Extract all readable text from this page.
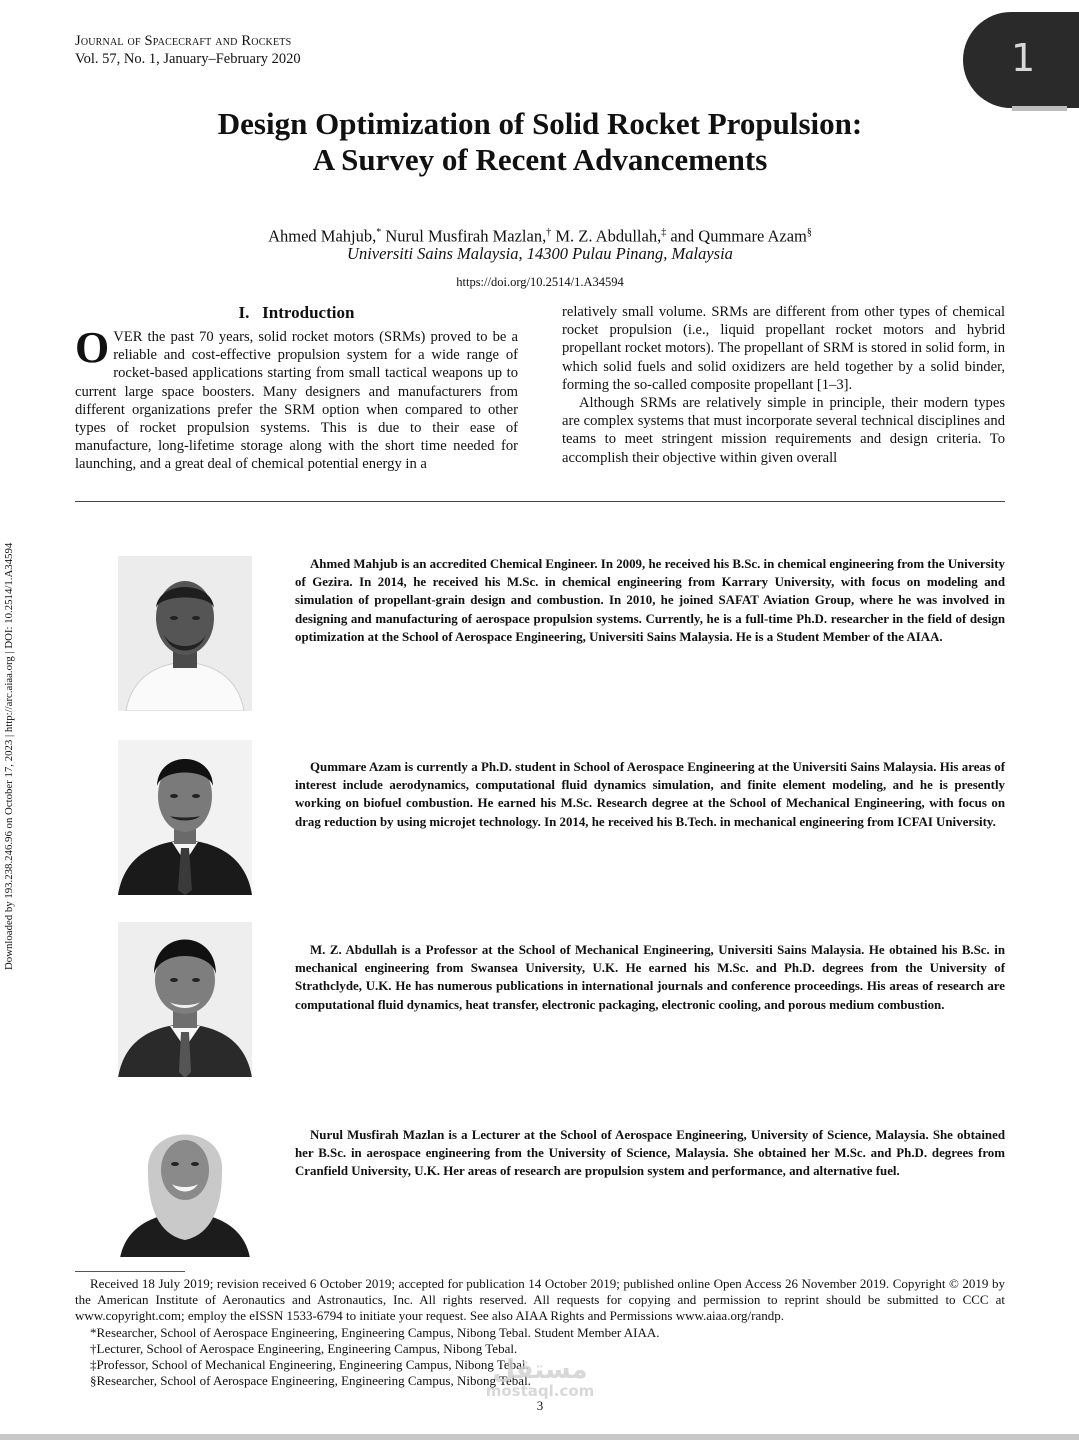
Journal of Spacecraft and Rockets
Vol. 57, No. 1, January–February 2020	1
Design Optimization of Solid Rocket Propulsion:
A Survey of Recent Advancements
Ahmed Mahjub,* Nurul Musfirah Mazlan,† M. Z. Abdullah,‡ and Qummare Azam§
Universiti Sains Malaysia, 14300 Pulau Pinang, Malaysia
https://doi.org/10.2514/1.A34594
I.   Introduction
OVER the past 70 years, solid rocket motors (SRMs) proved to be a reliable and cost-effective propulsion system for a wide range of rocket-based applications starting from small tactical weapons up to current large space boosters. Many designers and manufacturers from different organizations prefer the SRM option when compared to other types of rocket propulsion systems. This is due to their ease of manufacture, long-lifetime storage along with the short time needed for launching, and a great deal of chemical potential energy in a
relatively small volume. SRMs are different from other types of chemical rocket propulsion (i.e., liquid propellant rocket motors and hybrid propellant rocket motors). The propellant of SRM is stored in solid form, in which solid fuels and solid oxidizers are held together by a solid binder, forming the so-called composite propellant [1–3].
Although SRMs are relatively simple in principle, their modern types are complex systems that must incorporate several technical disciplines and teams to meet stringent mission requirements and design criteria. To accomplish their objective within given overall
Downloaded by 193.238.246.96 on October 17, 2023 | http://arc.aiaa.org | DOI: 10.2514/1.A34594	Ahmed Mahjub is an accredited Chemical Engineer. In 2009, he received his B.Sc. in chemical engineering from the University of Gezira. In 2014, he received his M.Sc. in chemical engineering from Karrary University, with focus on modeling and simulation of propellant-grain design and combustion. In 2010, he joined SAFAT Aviation Group, where he was involved in designing and manufacturing of aerospace propulsion systems. Currently, he is a full-time Ph.D. researcher in the field of design optimization at the School of Aerospace Engineering, Universiti Sains Malaysia. He is a Student Member of the AIAA.
Qummare Azam is currently a Ph.D. student in School of Aerospace Engineering at the Universiti Sains Malaysia. His areas of interest include aerodynamics, computational fluid dynamics simulation, and finite element modeling, and he is presently working on biofuel combustion. He earned his M.Sc. Research degree at the School of Mechanical Engineering, with focus on drag reduction by using microjet technology. In 2014, he received his B.Tech. in mechanical engineering from ICFAI University.
M. Z. Abdullah is a Professor at the School of Mechanical Engineering, Universiti Sains Malaysia. He obtained his B.Sc. in mechanical engineering from Swansea University, U.K. He earned his M.Sc. and Ph.D. degrees from the University of Strathclyde, U.K. He has numerous publications in international journals and conference proceedings. His areas of research are computational fluid dynamics, heat transfer, electronic packaging, electronic cooling, and porous medium combustion.
Nurul Musfirah Mazlan is a Lecturer at the School of Aerospace Engineering, University of Science, Malaysia. She obtained her B.Sc. in aerospace engineering from the University of Science, Malaysia. She obtained her M.Sc. and Ph.D. degrees from Cranfield University, U.K. Her areas of research are propulsion system and performance, and alternative fuel.

Received 18 July 2019; revision received 6 October 2019; accepted for publication 14 October 2019; published online Open Access 26 November 2019. Copyright © 2019 by the American Institute of Aeronautics and Astronautics, Inc. All rights reserved. All requests for copying and permission to reprint should be submitted to CCC at www.copyright.com; employ the eISSN 1533-6794 to initiate your request. See also AIAA Rights and Permissions www.aiaa.org/randp.

*Researcher, School of Aerospace Engineering, Engineering Campus, Nibong Tebal. Student Member AIAA.

†Lecturer, School of Aerospace Engineering, Engineering Campus, Nibong Tebal.

‡Professor, School of Mechanical Engineering, Engineering Campus, Nibong Tebal.

§Researcher, School of Aerospace Engineering, Engineering Campus, Nibong Tebal.

مستقل
mostaql.com
3
